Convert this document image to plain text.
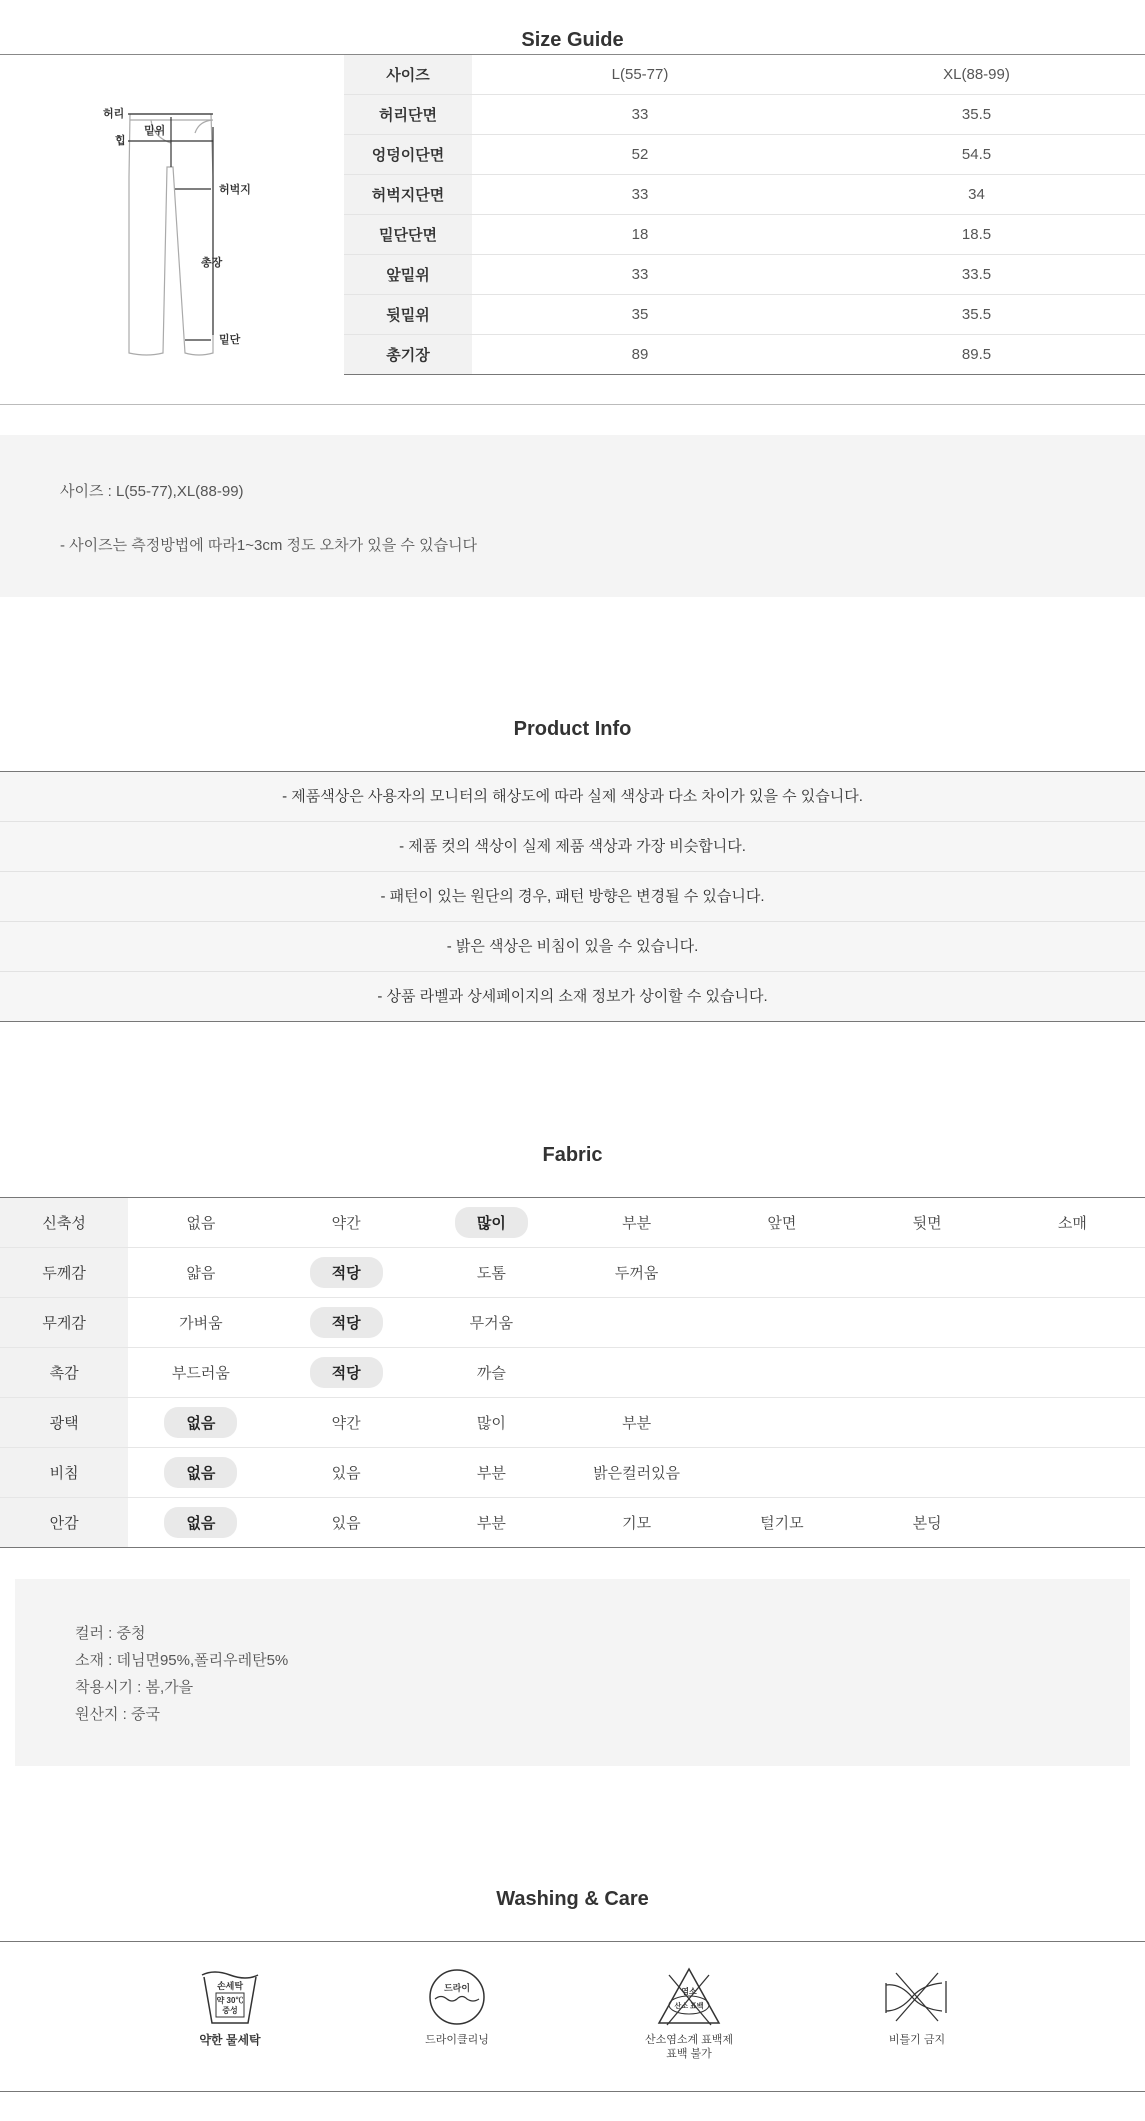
Size Guide
허리
밑위
힙
허벅지
총장
밑단
사이즈	L(55-77)	XL(88-99)
허리단면	33	35.5
엉덩이단면	52	54.5
허벅지단면	33	34
밑단단면	18	18.5
앞밑위	33	33.5
뒷밑위	35	35.5
총기장	89	89.5
사이즈 : L(55-77),XL(88-99)
- 사이즈는 측정방법에 따라1~3cm 정도 오차가 있을 수 있습니다
Product Info
- 제품색상은 사용자의 모니터의 해상도에 따라 실제 색상과 다소 차이가 있을 수 있습니다.
- 제품 컷의 색상이 실제 제품 색상과 가장 비슷합니다.
- 패턴이 있는 원단의 경우, 패턴 방향은 변경될 수 있습니다.
- 밝은 색상은 비침이 있을 수 있습니다.
- 상품 라벨과 상세페이지의 소재 정보가 상이할 수 있습니다.
Fabric
신축성	없음	약간	많이	부분	앞면	뒷면	소매
두께감	얇음	적당	도톰	두꺼움			
무게감	가벼움	적당	무거움				
촉감	부드러움	적당	까슬				
광택	없음	약간	많이	부분			
비침	없음	있음	부분	밝은컬러있음			
안감	없음	있음	부분	기모	털기모	본딩	
컬러 : 중청
소재 : 데님면95%,폴리우레탄5%
착용시기 : 봄,가을
원산지 : 중국
Washing & Care
손세탁
약 30℃
중성
약한 물세탁
드라이
드라이클리닝
염소
산소 표백
산소염소계 표백제 표백 불가
비틀기 금지
